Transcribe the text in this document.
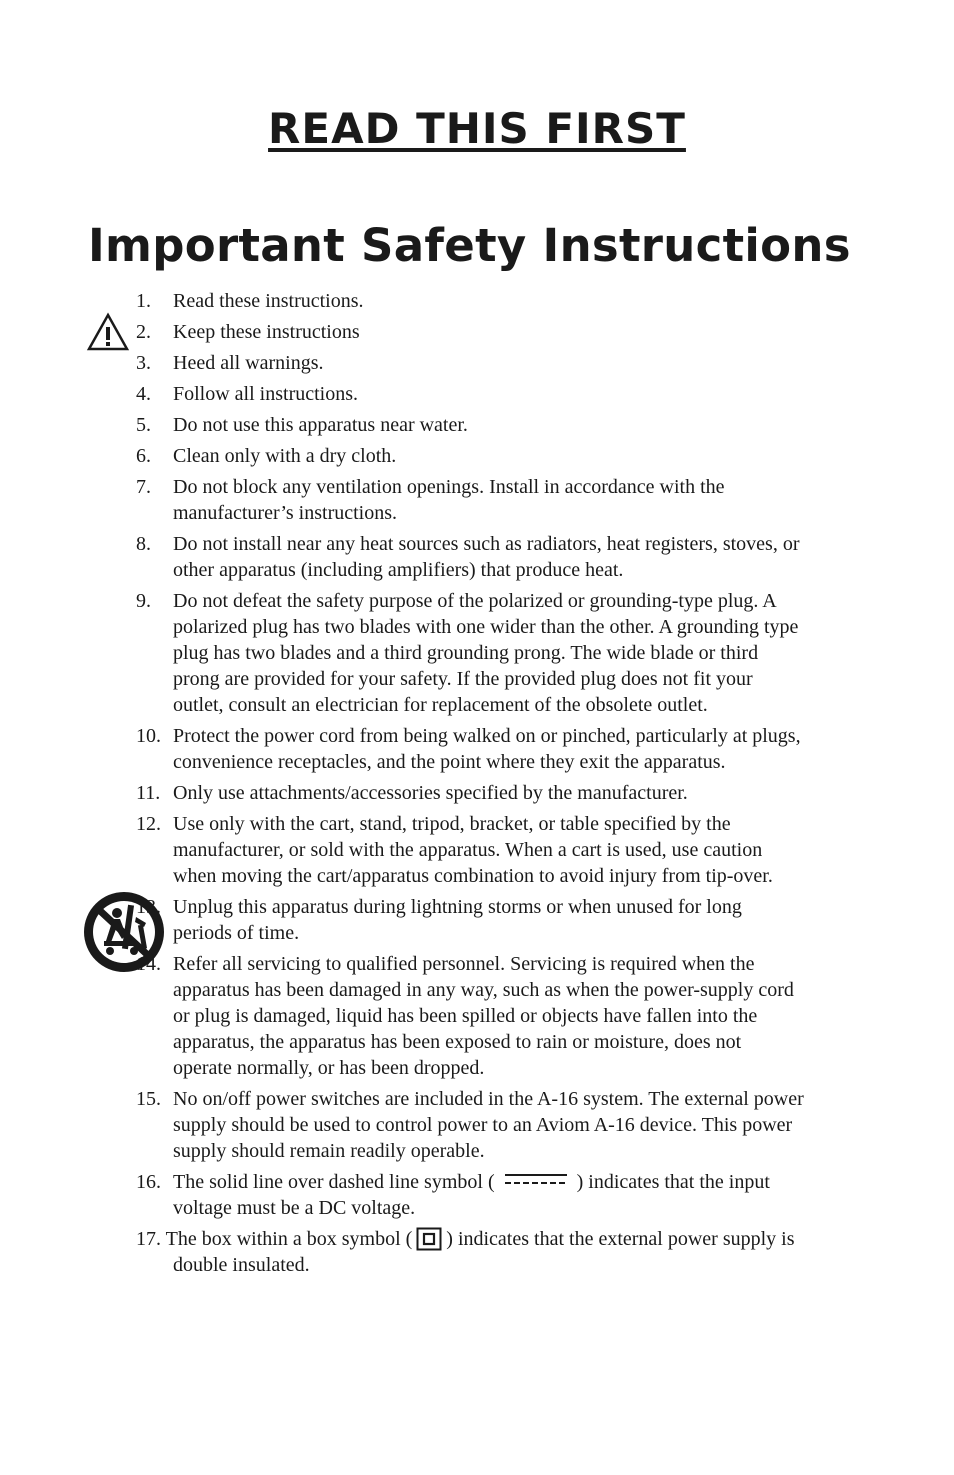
READ THIS FIRST
Important Safety Instructions
1. Read these instructions.
2. Keep these instructions
3. Heed all warnings.
4. Follow all instructions.
5. Do not use this apparatus near water.
6. Clean only with a dry cloth.
7. Do not block any ventilation openings. Install in accordance with the manufacturer’s instructions.
8. Do not install near any heat sources such as radiators, heat registers, stoves, or other apparatus (including amplifiers) that produce heat.
9. Do not defeat the safety purpose of the polarized or grounding-type plug. A polarized plug has two blades with one wider than the other. A grounding type plug has two blades and a third grounding prong. The wide blade or third prong are provided for your safety. If the provided plug does not fit your outlet, consult an electrician for replacement of the obsolete outlet.
10. Protect the power cord from being walked on or pinched, particularly at plugs, convenience receptacles, and the point where they exit the apparatus.
11. Only use attachments/accessories specified by the manufacturer.
12. Use only with the cart, stand, tripod, bracket, or table specified by the manufacturer, or sold with the apparatus. When a cart is used, use caution when moving the cart/apparatus combination to avoid injury from tip-over.
13. Unplug this apparatus during lightning storms or when unused for long periods of time.
14. Refer all servicing to qualified personnel. Servicing is required when the apparatus has been damaged in any way, such as when the power-supply cord or plug is damaged, liquid has been spilled or objects have fallen into the apparatus, the apparatus has been exposed to rain or moisture, does not operate normally, or has been dropped.
15. No on/off power switches are included in the A-16 system. The external power supply should be used to control power to an Aviom A-16 device. This power supply should remain readily operable.
16. The solid line over dashed line symbol (	) indicates that the input voltage must be a DC voltage.
17. The box within a box symbol ( ) indicates that the external power supply is double insulated.
